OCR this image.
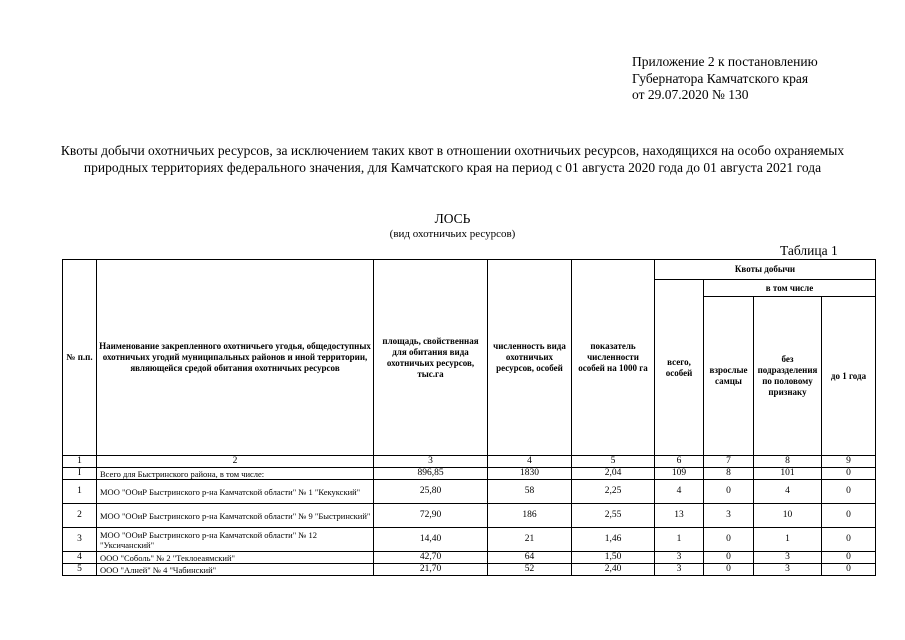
Приложение 2 к постановлению
Губернатора Камчатского края
от 29.07.2020 № 130
Квоты добычи охотничьих ресурсов, за исключением таких квот в отношении охотничьих ресурсов, находящихся на особо охраняемых природных территориях федерального значения, для Камчатского края на период с 01 августа 2020 года до 01 августа 2021 года
ЛОСЬ
(вид охотничьих ресурсов)
Таблица 1
№ п.п.	Наименование закрепленного охотничьего угодья, общедоступных охотничьих угодий муниципальных районов и иной территории, являющейся средой обитания охотничьих ресурсов	площадь, свойственная для обитания вида охотничьих ресурсов, тыс.га	численность вида охотничьих ресурсов, особей	показатель численности особей на 1000 га	Квоты добычи			
					всего, особей	в том числе		
						взрослые самцы	без подразделения по половому признаку	до 1 года
1	2	3	4	5	6	7	8	9
I	Всего для Быстринского района, в том числе:	896,85	1830	2,04	109	8	101	0
1	МОО "ООиР Быстринского р-на Камчатской области" № 1 "Кекукский"	25,80	58	2,25	4	0	4	0
2	МОО "ООиР Быстринского р-на Камчатской области" № 9 "Быстринский"	72,90	186	2,55	13	3	10	0
3	МОО "ООиР Быстринского р-на Камчатской области" № 12 "Уксичанский"	14,40	21	1,46	1	0	1	0
4	ООО "Соболь" № 2 "Теклоеаямский"	42,70	64	1,50	3	0	3	0
5	ООО "Алней" № 4 "Чабинский"	21,70	52	2,40	3	0	3	0
